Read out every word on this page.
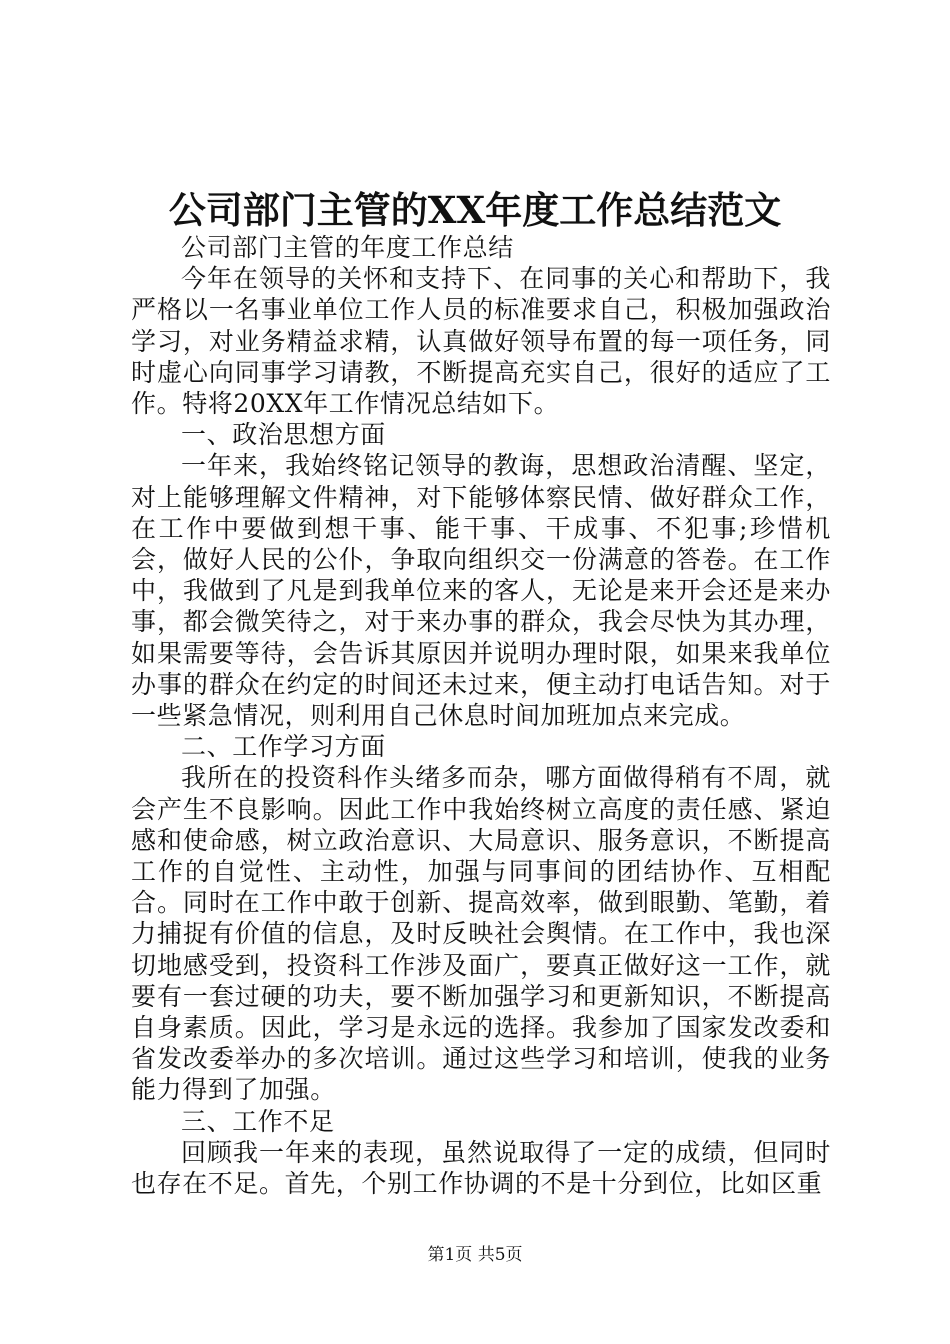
公司部门主管的XX年度工作总结范文

公司部门主管的年度工作总结

今年在领导的关怀和支持下、在同事的关心和帮助下，我严格以一名事业单位工作人员的标准要求自己，积极加强政治学习，对业务精益求精，认真做好领导布置的每一项任务，同时虚心向同事学习请教，不断提高充实自己，很好的适应了工作。特将20XX年工作情况总结如下。

一、政治思想方面

一年来，我始终铭记领导的教诲，思想政治清醒、坚定，对上能够理解文件精神，对下能够体察民情、做好群众工作，在工作中要做到想干事、能干事、干成事、不犯事;珍惜机会，做好人民的公仆，争取向组织交一份满意的答卷。在工作中，我做到了凡是到我单位来的客人，无论是来开会还是来办事，都会微笑待之，对于来办事的群众，我会尽快为其办理，如果需要等待，会告诉其原因并说明办理时限，如果来我单位办事的群众在约定的时间还未过来，便主动打电话告知。对于一些紧急情况，则利用自己休息时间加班加点来完成。

二、工作学习方面

我所在的投资科作头绪多而杂，哪方面做得稍有不周，就会产生不良影响。因此工作中我始终树立高度的责任感、紧迫感和使命感，树立政治意识、大局意识、服务意识，不断提高工作的自觉性、主动性，加强与同事间的团结协作、互相配合。同时在工作中敢于创新、提高效率，做到眼勤、笔勤，着力捕捉有价值的信息，及时反映社会舆情。在工作中，我也深切地感受到，投资科工作涉及面广，要真正做好这一工作，就要有一套过硬的功夫，要不断加强学习和更新知识，不断提高自身素质。因此，学习是永远的选择。我参加了国家发改委和省发改委举办的多次培训。通过这些学习和培训，使我的业务能力得到了加强。

三、工作不足

回顾我一年来的表现，虽然说取得了一定的成绩，但同时也存在不足。首先，个别工作协调的不是十分到位，比如区重

第1页 共5页
